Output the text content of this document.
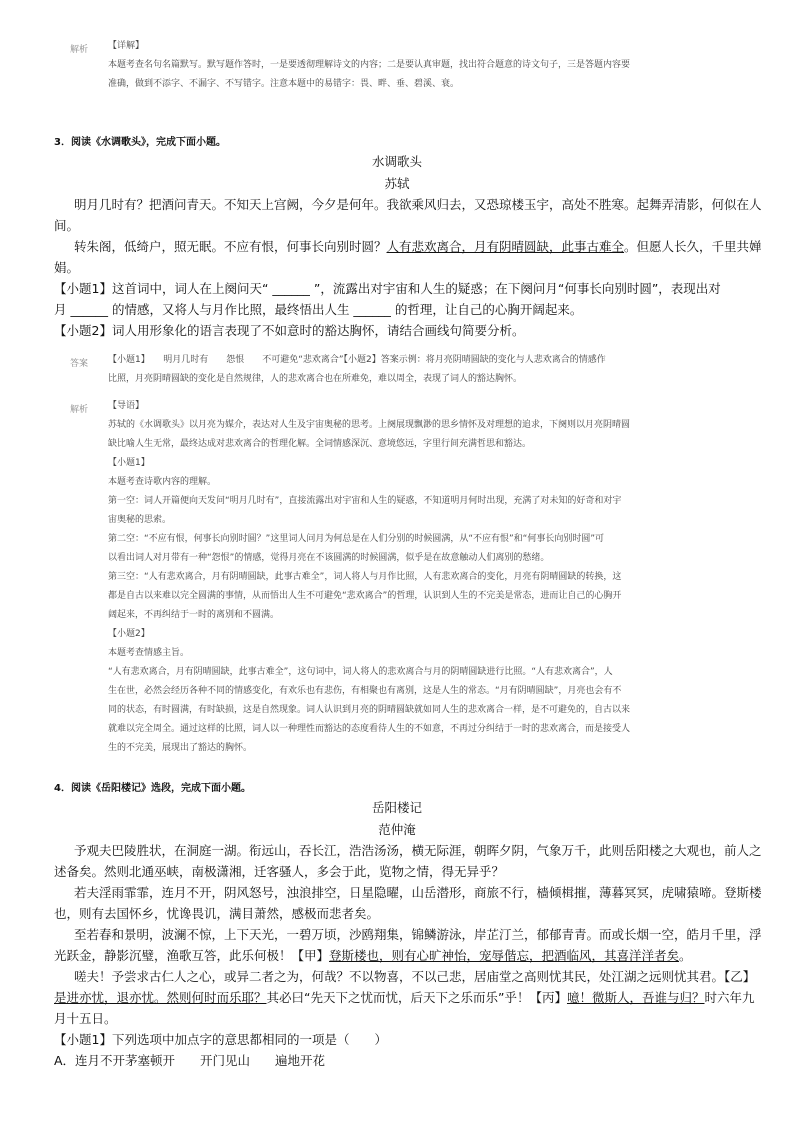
解析 【详解】

本题考查名句名篇默写。默写题作答时，一是要透彻理解诗文的内容；二是要认真审题，找出符合题意的诗文句子，三是答题内容要

准确，做到不添字、不漏字、不写错字。注意本题中的易错字：畏、畔、垂、碧溪、衰。

3．阅读《水调歌头》，完成下面小题。
水调歌头
苏轼

明月几时有？把酒问青天。不知天上宫阙，今夕是何年。我欲乘风归去，又恐琼楼玉宇，高处不胜寒。起舞弄清影，何似在人

间。

转朱阁，低绮户，照无眠。不应有恨，何事长向别时圆？人有悲欢离合，月有阴晴圆缺，此事古难全。但愿人长久，千里共婵

娟。

【小题1】这首词中，词人在上阕问天“ ______ ”，流露出对宇宙和人生的疑惑；在下阕问月“何事长向别时圆”，表现出对

月 ______ 的情感，又将人与月作比照，最终悟出人生 ______ 的哲理，让自己的心胸开阔起来。

【小题2】词人用形象化的语言表现了不如意时的豁达胸怀，请结合画线句简要分析。

答案 【小题1】　　明月几时有　　怨恨　　不可避免“悲欢离合”【小题2】答案示例：将月亮阴晴圆缺的变化与人悲欢离合的情感作

比照，月亮阴晴圆缺的变化是自然规律，人的悲欢离合也在所难免，难以周全，表现了词人的豁达胸怀。

解析 【导语】

苏轼的《水调歌头》以月亮为媒介，表达对人生及宇宙奥秘的思考。上阕展现飘渺的思乡情怀及对理想的追求，下阕则以月亮阴晴圆

缺比喻人生无常，最终达成对悲欢离合的哲理化解。全词情感深沉、意境悠远，字里行间充满哲思和豁达。

【小题1】

本题考查诗歌内容的理解。

第一空：词人开篇便向天发问“明月几时有”，直接流露出对宇宙和人生的疑惑，不知道明月何时出现，充满了对未知的好奇和对宇

宙奥秘的思索。

第二空：“不应有恨，何事长向别时圆？”这里词人问月为何总是在人们分别的时候圆满，从“不应有恨”和“何事长向别时圆”可

以看出词人对月带有一种“怨恨”的情感，觉得月亮在不该圆满的时候圆满，似乎是在故意触动人们离别的愁绪。

第三空：“人有悲欢离合，月有阴晴圆缺，此事古难全”，词人将人与月作比照，人有悲欢离合的变化，月亮有阴晴圆缺的转换，这

都是自古以来难以完全圆满的事情，从而悟出人生不可避免“悲欢离合”的哲理，认识到人生的不完美是常态，进而让自己的心胸开

阔起来，不再纠结于一时的离别和不圆满。

【小题2】

本题考查情感主旨。

“人有悲欢离合，月有阴晴圆缺，此事古难全”，这句词中，词人将人的悲欢离合与月的阴晴圆缺进行比照。“人有悲欢离合”，人

生在世，必然会经历各种不同的情感变化，有欢乐也有悲伤，有相聚也有离别，这是人生的常态。“月有阴晴圆缺”，月亮也会有不

同的状态，有时圆满，有时缺损，这是自然现象。词人认识到月亮的阴晴圆缺就如同人生的悲欢离合一样，是不可避免的，自古以来

就难以完全周全。通过这样的比照，词人以一种理性而豁达的态度看待人生的不如意，不再过分纠结于一时的悲欢离合，而是接受人

生的不完美，展现出了豁达的胸怀。

4．阅读《岳阳楼记》选段，完成下面小题。
岳阳楼记
范仲淹

予观夫巴陵胜状，在洞庭一湖。衔远山，吞长江，浩浩汤汤，横无际涯，朝晖夕阴，气象万千，此则岳阳楼之大观也，前人之

述备矣。然则北通巫峡，南极潇湘，迁客骚人，多会于此，览物之情，得无异乎？

若夫淫雨霏霏，连月不开，阴风怒号，浊浪排空，日星隐曜，山岳潜形，商旅不行，樯倾楫摧，薄暮冥冥，虎啸猿啼。登斯楼

也，则有去国怀乡，忧谗畏讥，满目萧然，感极而悲者矣。

至若春和景明，波澜不惊，上下天光，一碧万顷，沙鸥翔集，锦鳞游泳，岸芷汀兰，郁郁青青。而或长烟一空，皓月千里，浮

光跃金，静影沉璧，渔歌互答，此乐何极！【甲】登斯楼也，则有心旷神怡，宠辱偕忘，把酒临风，其喜洋洋者矣。

嗟夫！予尝求古仁人之心，或异二者之为，何哉？不以物喜，不以己悲，居庙堂之高则忧其民，处江湖之远则忧其君。【乙】

是进亦忧，退亦忧。然则何时而乐耶？其必曰“先天下之忧而忧，后天下之乐而乐”乎！【丙】噫！微斯人，吾谁与归？时六年九

月十五日。

【小题1】下列选项中加点字的意思都相同的一项是（　　）

A．连月不开茅塞顿开　　开门见山　　遍地开花
